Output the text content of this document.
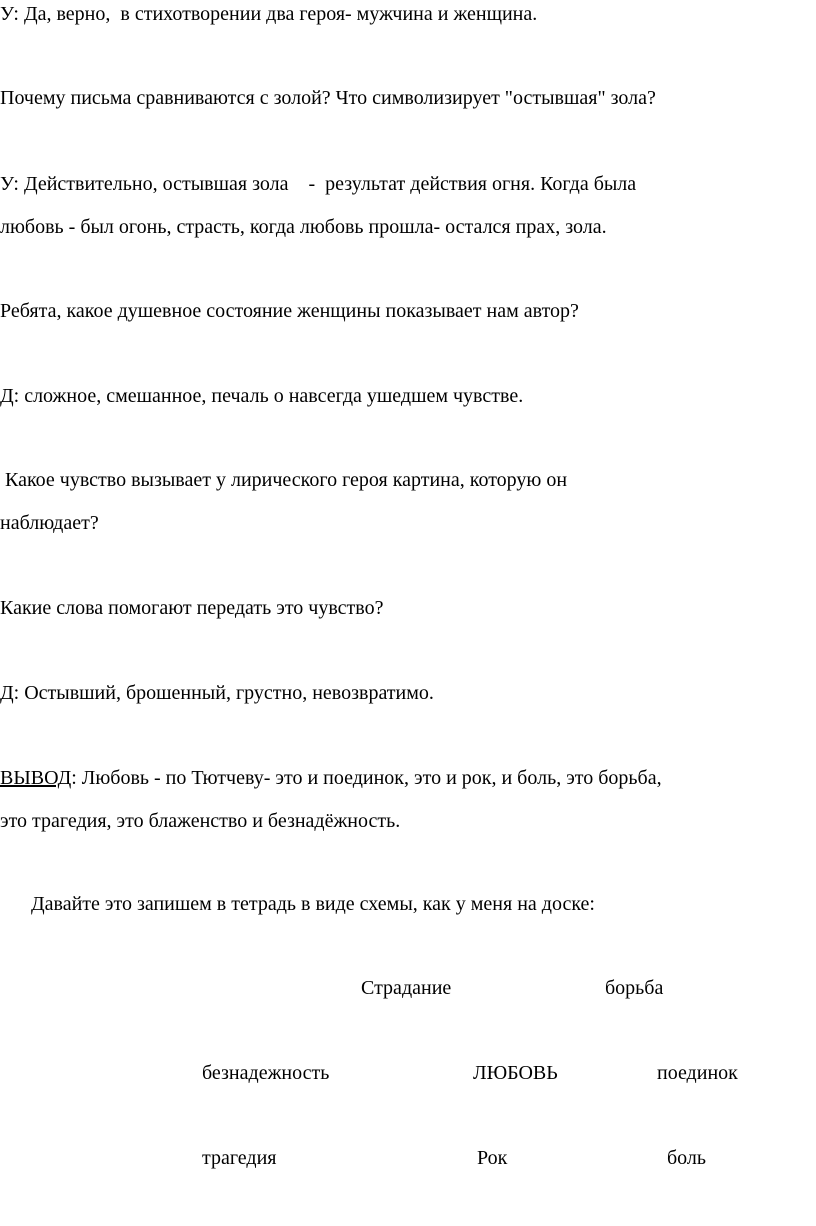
У: Да, верно,  в стихотворении два героя- мужчина и женщина.

Почему письма сравниваются с золой? Что символизирует "остывшая" зола?

У: Действительно, остывшая зола    -  результат действия огня. Когда была

любовь - был огонь, страсть, когда любовь прошла- остался прах, зола.

Ребята, какое душевное состояние женщины показывает нам автор?

Д: сложное, смешанное, печаль о навсегда ушедшем чувстве.

Какое чувство вызывает у лирического героя картина, которую он

наблюдает?

Какие слова помогают передать это чувство?

Д: Остывший, брошенный, грустно, невозвратимо.

ВЫВОД: Любовь - по Тютчеву- это и поединок, это и рок, и боль, это борьба,

это трагедия, это блаженство и безнадёжность.

Давайте это запишем в тетрадь в виде схемы, как у меня на доске:

Страдание	борьба
безнадежность	ЛЮБОВЬ	поединок
трагедия	Рок	боль
